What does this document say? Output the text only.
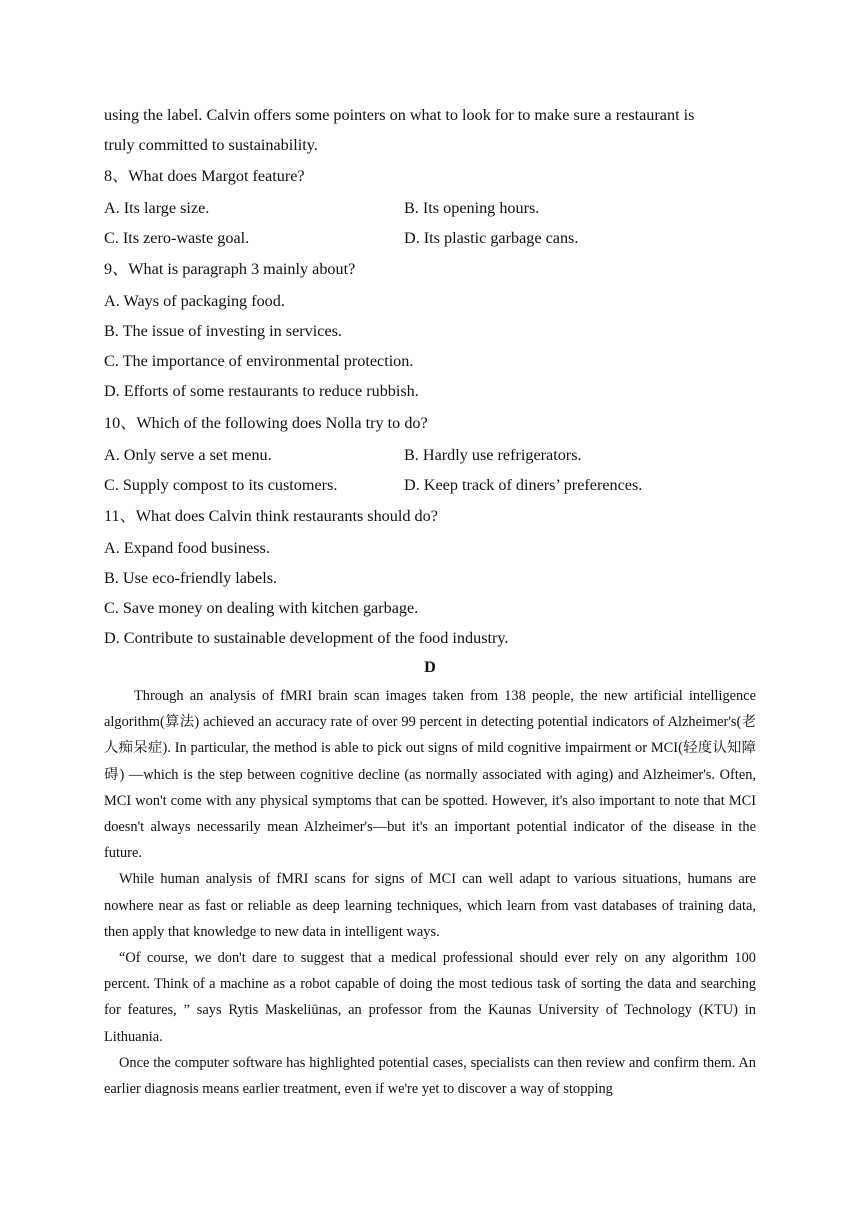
using the label. Calvin offers some pointers on what to look for to make sure a restaurant is
truly committed to sustainability.
8、What does Margot feature?
A. Its large size.	B. Its opening hours.
C. Its zero-waste goal.	D. Its plastic garbage cans.
9、What is paragraph 3 mainly about?
A. Ways of packaging food.
B. The issue of investing in services.
C. The importance of environmental protection.
D. Efforts of some restaurants to reduce rubbish.
10、Which of the following does Nolla try to do?
A. Only serve a set menu.	B. Hardly use refrigerators.
C. Supply compost to its customers.	D. Keep track of diners’ preferences.
11、What does Calvin think restaurants should do?
A. Expand food business.
B. Use eco-friendly labels.
C. Save money on dealing with kitchen garbage.
D. Contribute to sustainable development of the food industry.
D

Through an analysis of fMRI brain scan images taken from 138 people, the new artificial intelligence algorithm(算法) achieved an accuracy rate of over 99 percent in detecting potential indicators of Alzheimer's(老人痴呆症). In particular, the method is able to pick out signs of mild cognitive impairment or MCI(轻度认知障碍) —which is the step between cognitive decline (as normally associated with aging) and Alzheimer's. Often, MCI won't come with any physical symptoms that can be spotted. However, it's also important to note that MCI doesn't always necessarily mean Alzheimer's—but it's an important potential indicator of the disease in the future.

While human analysis of fMRI scans for signs of MCI can well adapt to various situations, humans are nowhere near as fast or reliable as deep learning techniques, which learn from vast databases of training data, then apply that knowledge to new data in intelligent ways.

“Of course, we don't dare to suggest that a medical professional should ever rely on any algorithm 100 percent. Think of a machine as a robot capable of doing the most tedious task of sorting the data and searching for features, ” says Rytis Maskeliūnas, an professor from the Kaunas University of Technology (KTU) in Lithuania.

Once the computer software has highlighted potential cases, specialists can then review and confirm them. An earlier diagnosis means earlier treatment, even if we're yet to discover a way of stopping
